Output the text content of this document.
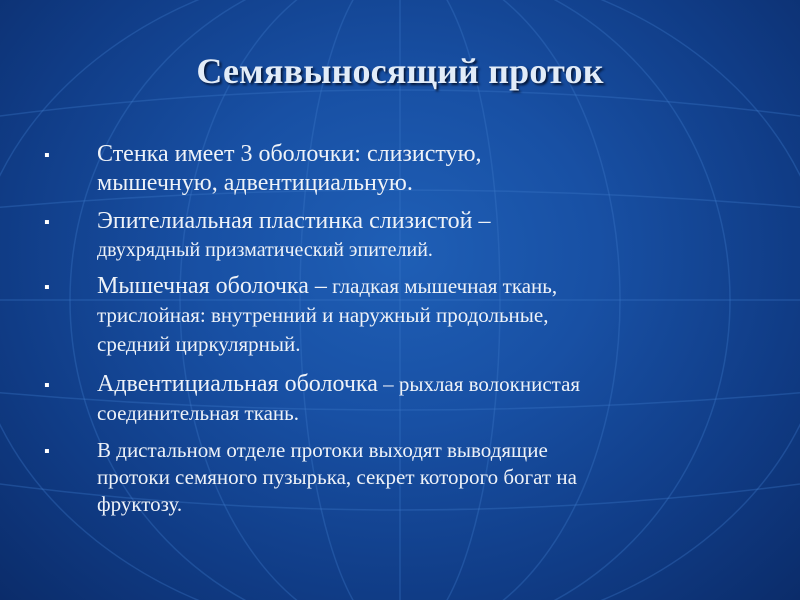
Семявыносящий проток
▪ Стенка имеет 3 оболочки: слизистую,
мышечную, адвентициальную.
▪ Эпителиальная пластинка слизистой –
двухрядный призматический эпителий.
▪ Мышечная оболочка – гладкая мышечная ткань,
трислойная: внутренний и наружный продольные,
средний циркулярный.
▪ Адвентициальная оболочка – рыхлая волокнистая
соединительная ткань.
▪ В дистальном отделе протоки выходят выводящие
протоки семяного пузырька, секрет которого богат на
фруктозу.
